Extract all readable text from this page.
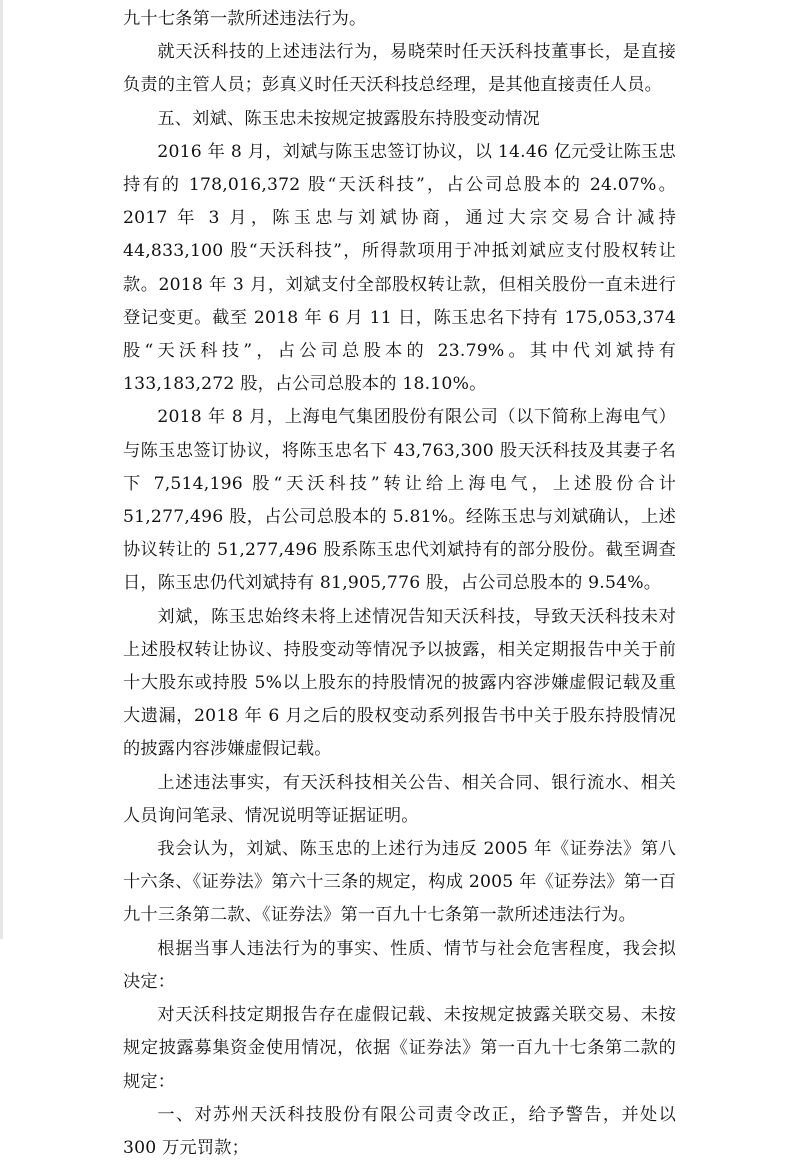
九十七条第一款所述违法行为。

就天沃科技的上述违法行为，易晓荣时任天沃科技董事长，是直接负责的主管人员；彭真义时任天沃科技总经理，是其他直接责任人员。

五、刘斌、陈玉忠未按规定披露股东持股变动情况

2016 年 8 月，刘斌与陈玉忠签订协议，以 14.46 亿元受让陈玉忠持有的 178,016,372 股“天沃科技”，占公司总股本的 24.07%。2017 年 3 月，陈玉忠与刘斌协商，通过大宗交易合计减持 44,833,100 股“天沃科技”，所得款项用于冲抵刘斌应支付股权转让款。2018 年 3 月，刘斌支付全部股权转让款，但相关股份一直未进行登记变更。截至 2018 年 6 月 11 日，陈玉忠名下持有 175,053,374 股“天沃科技”，占公司总股本的 23.79%。其中代刘斌持有 133,183,272 股，占公司总股本的 18.10%。

2018 年 8 月，上海电气集团股份有限公司（以下简称上海电气）与陈玉忠签订协议，将陈玉忠名下 43,763,300 股天沃科技及其妻子名下 7,514,196 股“天沃科技”转让给上海电气，上述股份合计 51,277,496 股，占公司总股本的 5.81%。经陈玉忠与刘斌确认，上述协议转让的 51,277,496 股系陈玉忠代刘斌持有的部分股份。截至调查日，陈玉忠仍代刘斌持有 81,905,776 股，占公司总股本的 9.54%。

刘斌，陈玉忠始终未将上述情况告知天沃科技，导致天沃科技未对上述股权转让协议、持股变动等情况予以披露，相关定期报告中关于前十大股东或持股 5%以上股东的持股情况的披露内容涉嫌虚假记载及重大遗漏，2018 年 6 月之后的股权变动系列报告书中关于股东持股情况的披露内容涉嫌虚假记载。

上述违法事实，有天沃科技相关公告、相关合同、银行流水、相关人员询问笔录、情况说明等证据证明。

我会认为，刘斌、陈玉忠的上述行为违反 2005 年《证券法》第八十六条、《证券法》第六十三条的规定，构成 2005 年《证券法》第一百九十三条第二款、《证券法》第一百九十七条第一款所述违法行为。

根据当事人违法行为的事实、性质、情节与社会危害程度，我会拟决定：

对天沃科技定期报告存在虚假记载、未按规定披露关联交易、未按规定披露募集资金使用情况，依据《证券法》第一百九十七条第二款的规定：

一、对苏州天沃科技股份有限公司责令改正，给予警告，并处以 300 万元罚款；
